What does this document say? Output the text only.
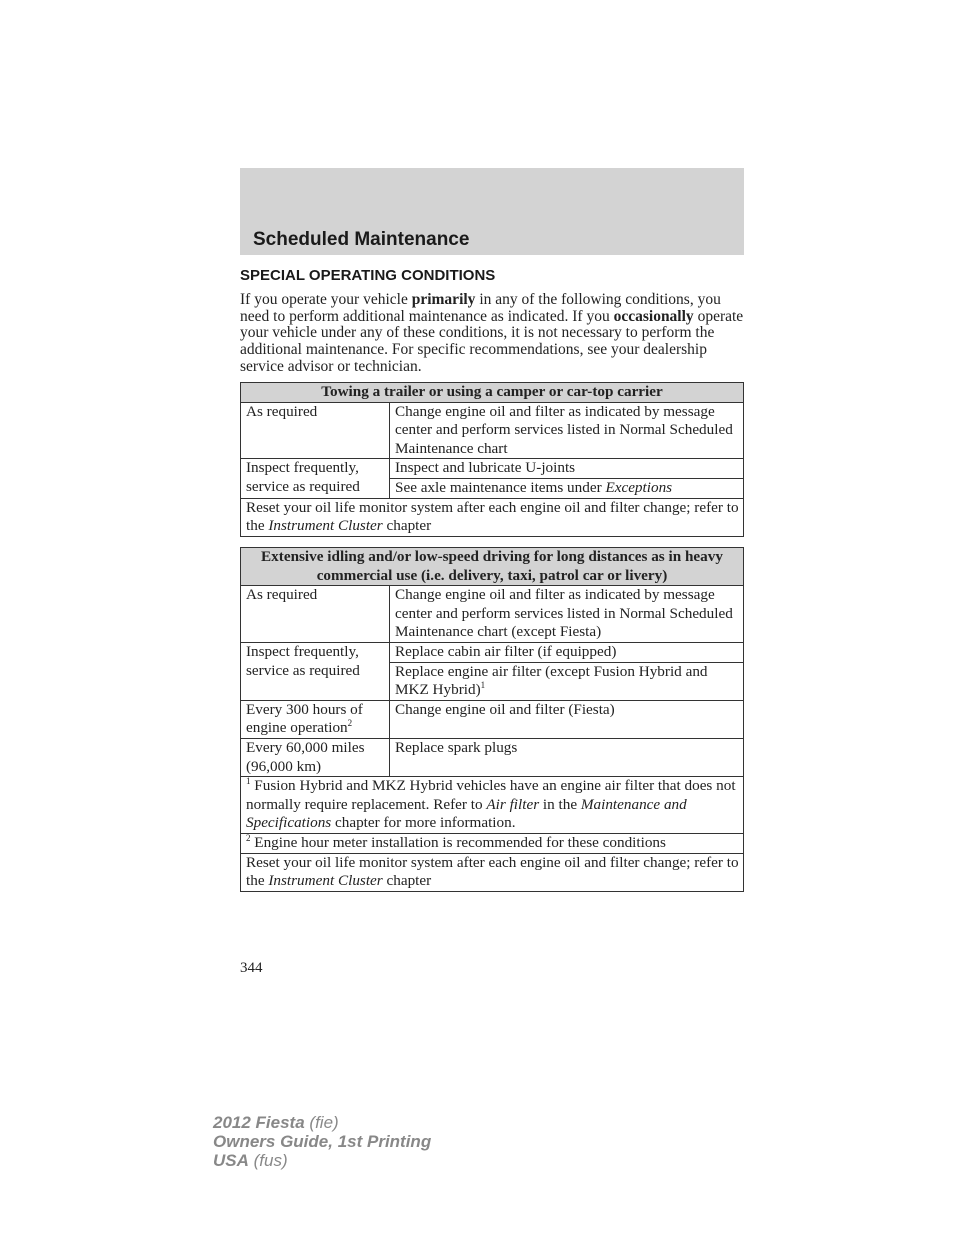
Scheduled Maintenance
SPECIAL OPERATING CONDITIONS
If you operate your vehicle primarily in any of the following conditions, you need to perform additional maintenance as indicated. If you occasionally operate your vehicle under any of these conditions, it is not necessary to perform the additional maintenance. For specific recommendations, see your dealership service advisor or technician.
Towing a trailer or using a camper or car-top carrier	
As required	Change engine oil and filter as indicated by message center and perform services listed in Normal Scheduled Maintenance chart
Inspect frequently, service as required	Inspect and lubricate U-joints
	See axle maintenance items under Exceptions
Reset your oil life monitor system after each engine oil and filter change; refer to the Instrument Cluster chapter	
Extensive idling and/or low-speed driving for long distances as in heavy commercial use (i.e. delivery, taxi, patrol car or livery)	
As required	Change engine oil and filter as indicated by message center and perform services listed in Normal Scheduled Maintenance chart (except Fiesta)
Inspect frequently, service as required	Replace cabin air filter (if equipped)
	Replace engine air filter (except Fusion Hybrid and MKZ Hybrid)$^1$
Every 300 hours of engine operation$^2$	Change engine oil and filter (Fiesta)
Every 60,000 miles (96,000 km)	Replace spark plugs
$^1$ Fusion Hybrid and MKZ Hybrid vehicles have an engine air filter that does not normally require replacement. Refer to Air filter in the Maintenance and Specifications chapter for more information.	
$^2$ Engine hour meter installation is recommended for these conditions	
Reset your oil life monitor system after each engine oil and filter change; refer to the Instrument Cluster chapter	
344
2012 Fiesta (fie)
Owners Guide, 1st Printing
USA (fus)
